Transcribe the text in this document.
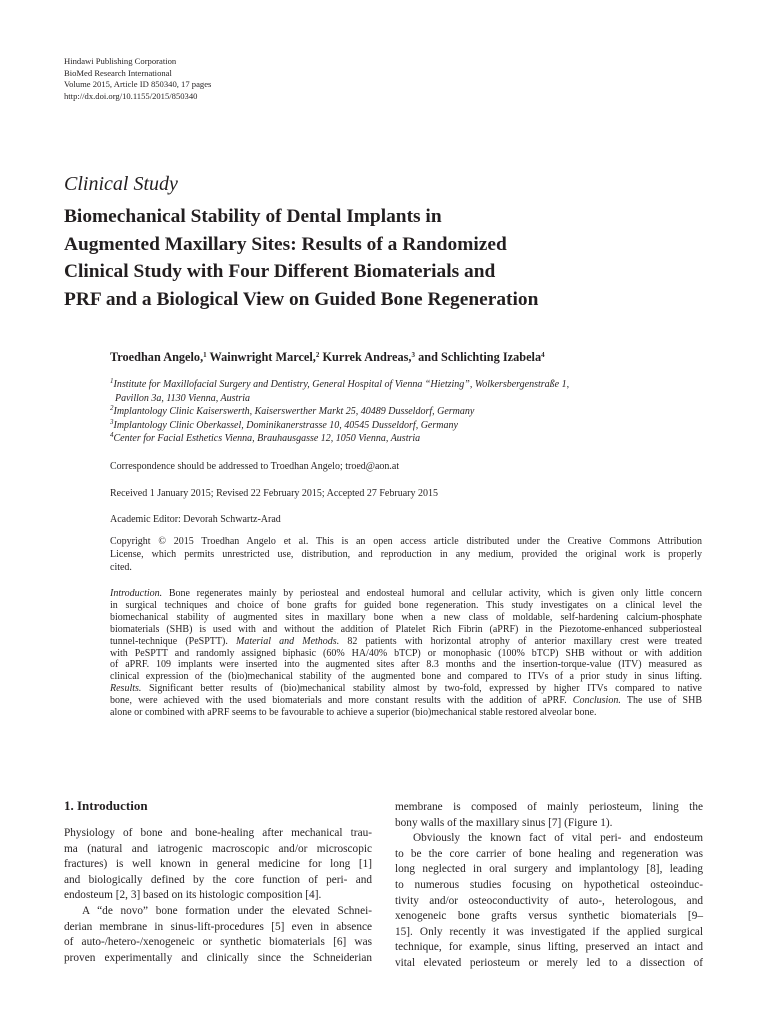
Hindawi Publishing Corporation
BioMed Research International
Volume 2015, Article ID 850340, 17 pages
http://dx.doi.org/10.1155/2015/850340
Clinical Study
Biomechanical Stability of Dental Implants in
Augmented Maxillary Sites: Results of a Randomized
Clinical Study with Four Different Biomaterials and
PRF and a Biological View on Guided Bone Regeneration
Troedhan Angelo,$^1$ Wainwright Marcel,$^2$ Kurrek Andreas,$^3$ and Schlichting Izabela$^4$
$^1$Institute for Maxillofacial Surgery and Dentistry, General Hospital of Vienna “Hietzing”, Wolkersbergenstraße 1,
Pavillon 3a, 1130 Vienna, Austria
$^2$Implantology Clinic Kaiserswerth, Kaiserswerther Markt 25, 40489 Dusseldorf, Germany
$^3$Implantology Clinic Oberkassel, Dominikanerstrasse 10, 40545 Dusseldorf, Germany
$^4$Center for Facial Esthetics Vienna, Brauhausgasse 12, 1050 Vienna, Austria
Correspondence should be addressed to Troedhan Angelo; troed@aon.at
Received 1 January 2015; Revised 22 February 2015; Accepted 27 February 2015
Academic Editor: Devorah Schwartz-Arad
Copyright © 2015 Troedhan Angelo et al. This is an open access article distributed under the Creative Commons Attribution
License, which permits unrestricted use, distribution, and reproduction in any medium, provided the original work is properly
cited.
Introduction. Bone regenerates mainly by periosteal and endosteal humoral and cellular activity, which is given only little concern
in surgical techniques and choice of bone grafts for guided bone regeneration. This study investigates on a clinical level the
biomechanical stability of augmented sites in maxillary bone when a new class of moldable, self-hardening calcium-phosphate
biomaterials (SHB) is used with and without the addition of Platelet Rich Fibrin (aPRF) in the Piezotome-enhanced subperiosteal
tunnel-technique (PeSPTT). Material and Methods. 82 patients with horizontal atrophy of anterior maxillary crest were treated
with PeSPTT and randomly assigned biphasic (60% HA/40% bTCP) or monophasic (100% bTCP) SHB without or with addition
of aPRF. 109 implants were inserted into the augmented sites after 8.3 months and the insertion-torque-value (ITV) measured as
clinical expression of the (bio)mechanical stability of the augmented bone and compared to ITVs of a prior study in sinus lifting.
Results. Significant better results of (bio)mechanical stability almost by two-fold, expressed by higher ITVs compared to native
bone, were achieved with the used biomaterials and more constant results with the addition of aPRF. Conclusion. The use of SHB
alone or combined with aPRF seems to be favourable to achieve a superior (bio)mechanical stable restored alveolar bone.
1. Introduction
Physiology of bone and bone-healing after mechanical trau-
ma (natural and iatrogenic macroscopic and/or microscopic
fractures) is well known in general medicine for long [1]
and biologically defined by the core function of peri- and
endosteum [2, 3] based on its histologic composition [4].
A “de novo” bone formation under the elevated Schnei-
derian membrane in sinus-lift-procedures [5] even in absence
of auto-/hetero-/xenogeneic or synthetic biomaterials [6] was
proven experimentally and clinically since the Schneiderian
membrane is composed of mainly periosteum, lining the
bony walls of the maxillary sinus [7] (Figure 1).
Obviously the known fact of vital peri- and endosteum
to be the core carrier of bone healing and regeneration was
long neglected in oral surgery and implantology [8], leading
to numerous studies focusing on hypothetical osteoinduc-
tivity and/or osteoconductivity of auto-, heterologous, and
xenogeneic bone grafts versus synthetic biomaterials [9–
15]. Only recently it was investigated if the applied surgical
technique, for example, sinus lifting, preserved an intact and
vital elevated periosteum or merely led to a dissection of
